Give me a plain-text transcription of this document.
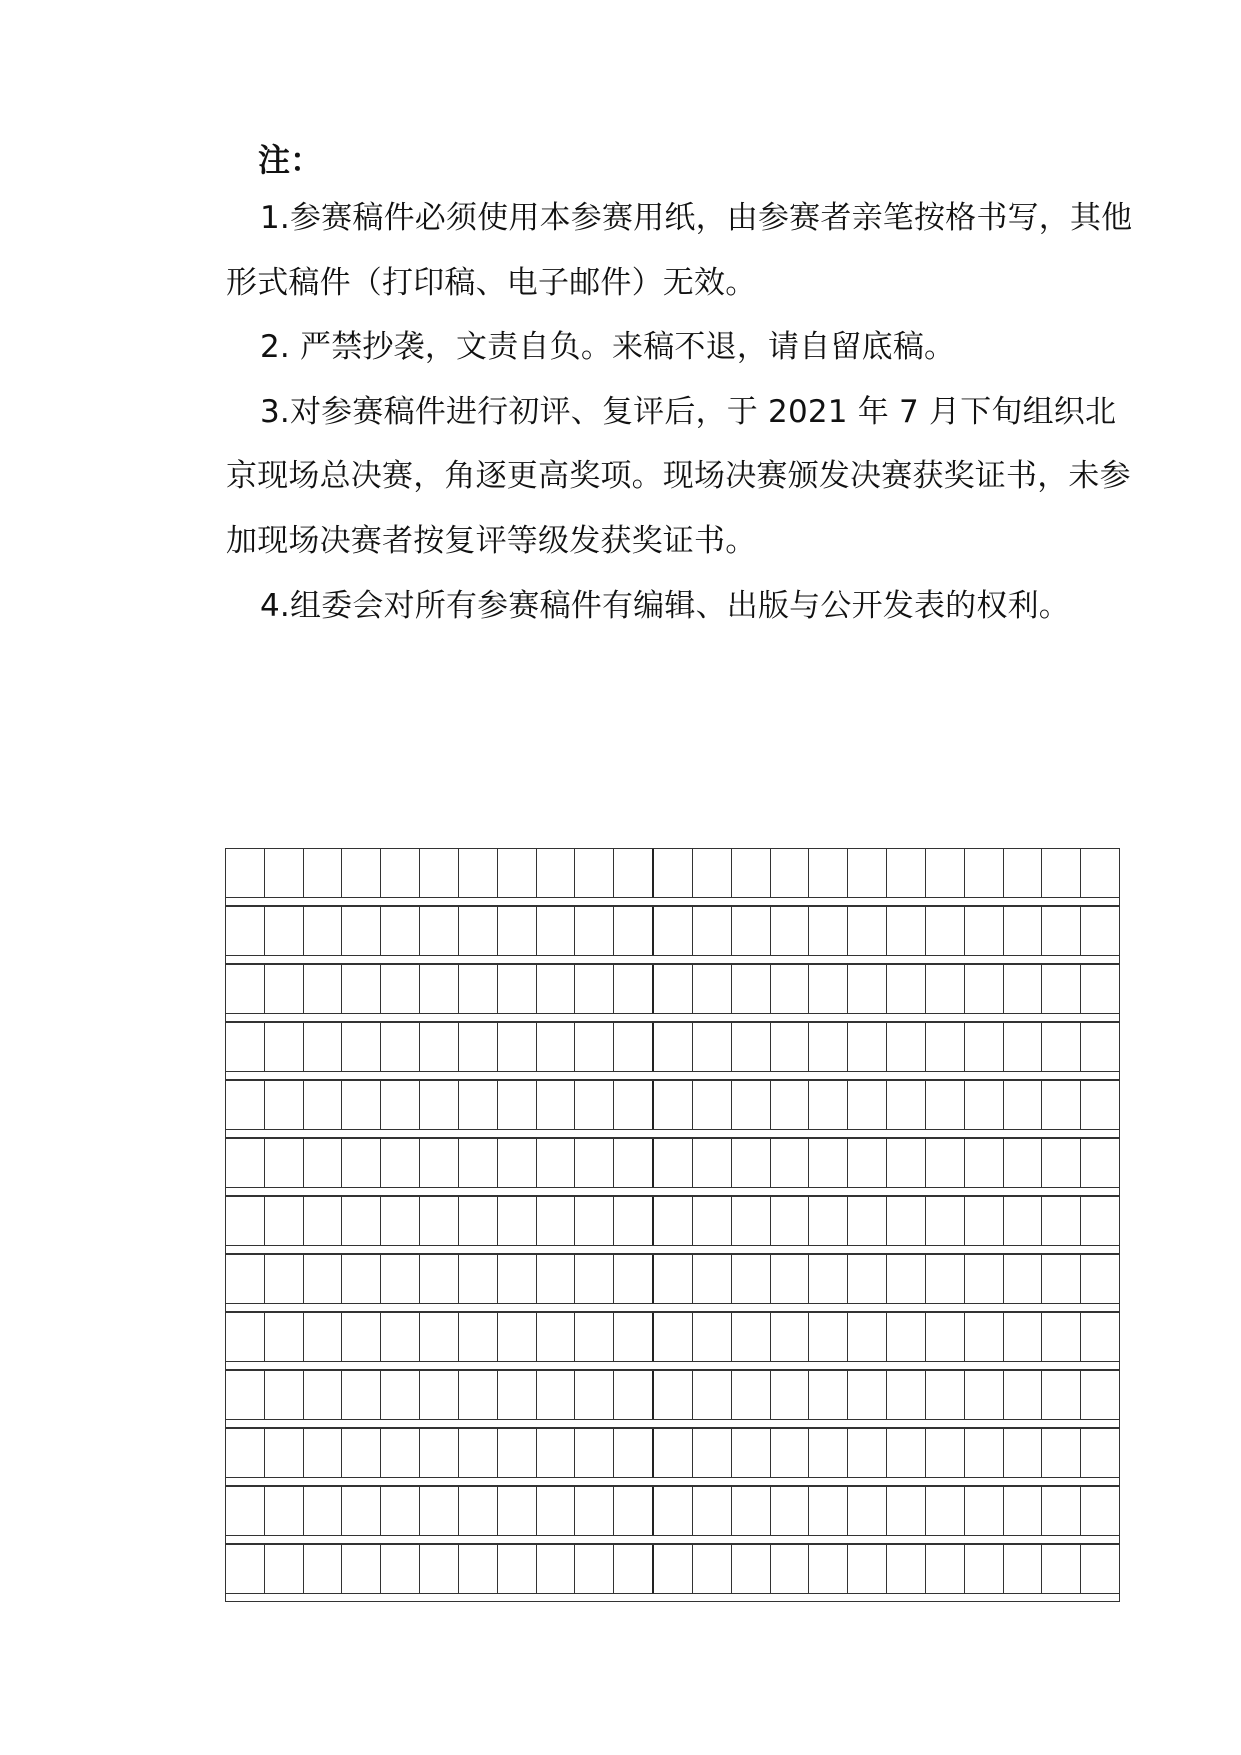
注：

1.参赛稿件必须使用本参赛用纸，由参赛者亲笔按格书写，其他形式稿件（打印稿、电子邮件）无效。

2. 严禁抄袭，文责自负。来稿不退，请自留底稿。

3.对参赛稿件进行初评、复评后，于 2021 年 7 月下旬组织北京现场总决赛，角逐更高奖项。现场决赛颁发决赛获奖证书，未参加现场决赛者按复评等级发获奖证书。

4.组委会对所有参赛稿件有编辑、出版与公开发表的权利。
